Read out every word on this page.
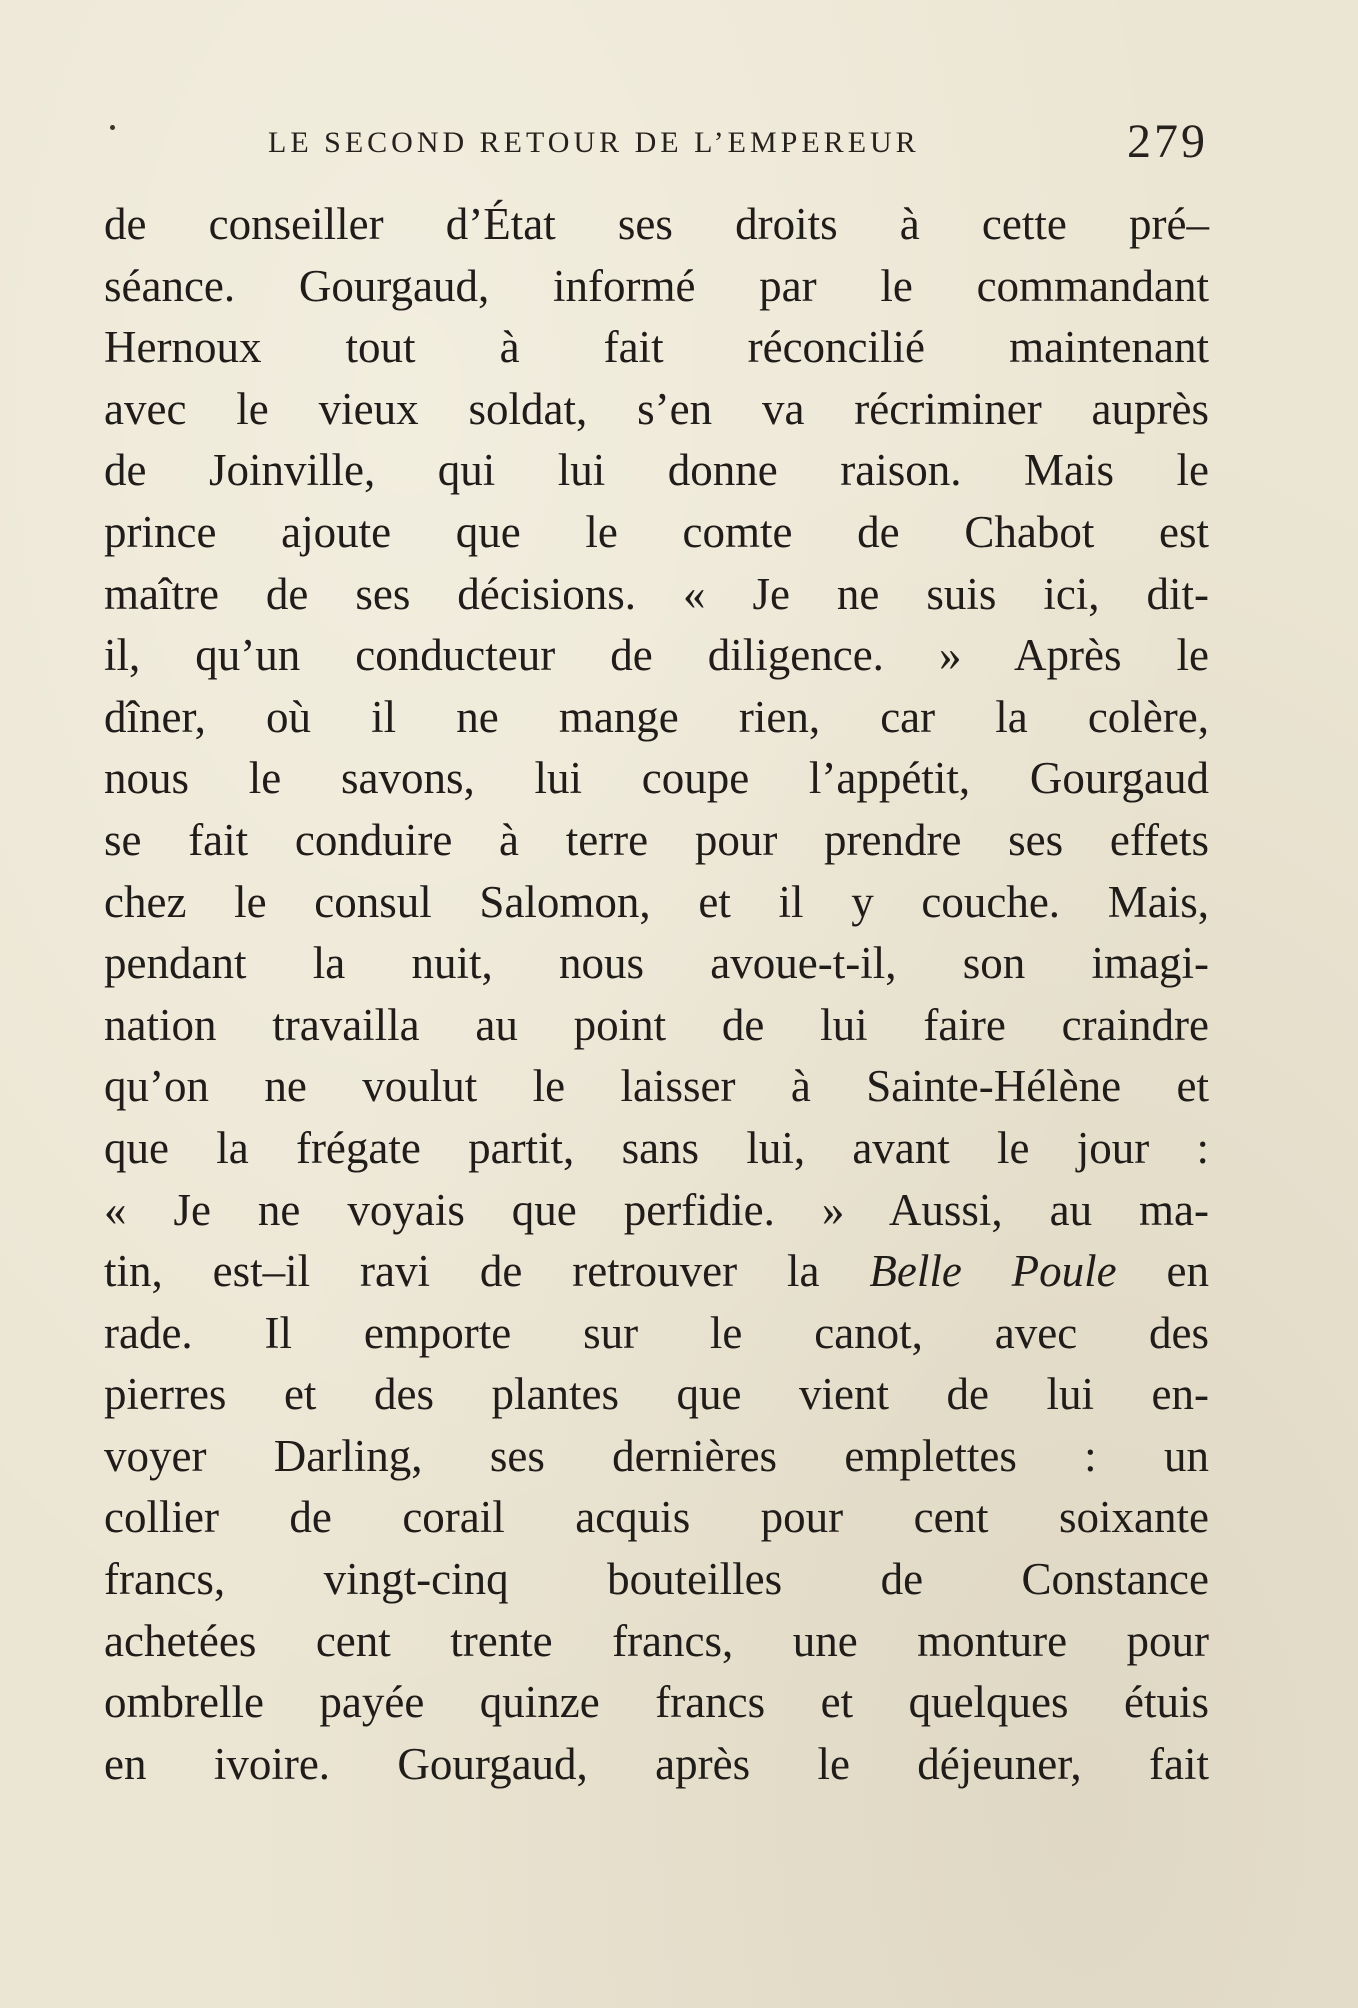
LE SECOND RETOUR DE L’EMPEREUR	279
de conseiller d’État ses droits à cette pré–
séance. Gourgaud, informé par le commandant
Hernoux tout à fait réconcilié maintenant
avec le vieux soldat, s’en va récriminer auprès
de Joinville, qui lui donne raison. Mais le
prince ajoute que le comte de Chabot est
maître de ses décisions. « Je ne suis ici, dit-
il, qu’un conducteur de diligence. » Après le
dîner, où il ne mange rien, car la colère,
nous le savons, lui coupe l’appétit, Gourgaud
se fait conduire à terre pour prendre ses effets
chez le consul Salomon, et il y couche. Mais,
pendant la nuit, nous avoue-t-il, son imagi-
nation travailla au point de lui faire craindre
qu’on ne voulut le laisser à Sainte-Hélène et
que la frégate partit, sans lui, avant le jour :
« Je ne voyais que perfidie. » Aussi, au ma-
tin, est–il ravi de retrouver la Belle Poule en
rade. Il emporte sur le canot, avec des
pierres et des plantes que vient de lui en-
voyer Darling, ses dernières emplettes : un
collier de corail acquis pour cent soixante
francs, vingt-cinq bouteilles de Constance
achetées cent trente francs, une monture pour
ombrelle payée quinze francs et quelques étuis
en ivoire. Gourgaud, après le déjeuner, fait
